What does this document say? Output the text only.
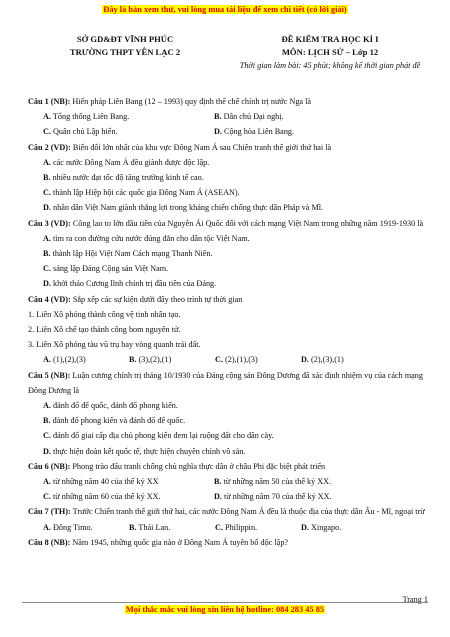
Đây là bản xem thử, vui lòng mua tài liệu để xem chi tiết (có lời giải)
SỞ GD&ĐT VĨNH PHÚC
TRƯỜNG THPT YÊN LẠC 2
ĐỀ KIỂM TRA HỌC KÌ I
MÔN: LỊCH SỬ – Lớp 12
Thời gian làm bài: 45 phút; không kể thời gian phát đề
Câu 1 (NB): Hiến pháp Liên Bang (12 – 1993) quy định thể chế chính trị nước Nga là
A. Tổng thống Liên Bang.	B. Dân chủ Đại nghị.
C. Quân chủ Lập hiến.	D. Cộng hòa Liên Bang.
Câu 2 (VD): Biến đổi lớn nhất của khu vực Đông Nam Á sau Chiến tranh thế giới thứ hai là
A. các nước Đông Nam Á đều giành được độc lập.
B. nhiều nước đạt tốc độ tăng trưởng kinh tế cao.
C. thành lập Hiệp hội các quốc gia Đông Nam Á (ASEAN).
D. nhân dân Việt Nam giành thắng lợi trong kháng chiến chống thực dân Pháp và Mĩ.
Câu 3 (VD): Công lao to lớn đầu tiên của Nguyễn Ái Quốc đối với cách mạng Việt Nam trong những năm 1919-1930 là
A. tìm ra con đường cứu nước đúng đắn cho dân tộc Việt Nam.
B. thành lập Hội Việt Nam Cách mạng Thanh Niên.
C. sáng lập Đảng Cộng sản Việt Nam.
D. khởi thảo Cương lĩnh chính trị đầu tiên của Đảng.
Câu 4 (VD): Sắp xếp các sự kiện dưới đây theo trình tự thời gian
1. Liên Xô phóng thành công vệ tinh nhân tạo.
2. Liên Xô chế tạo thành công bom nguyên tử.
3. Liên Xô phóng tàu vũ trụ bay vòng quanh trái đất.
A. (1),(2),(3)	B. (3),(2),(1)	C. (2),(1),(3)	D. (2),(3),(1)
Câu 5 (NB): Luận cương chính trị tháng 10/1930 của Đảng cộng sản Đông Dương đã xác định nhiệm vụ của cách mạng Đông Dương là
A. đánh đổ đế quốc, đánh đổ phong kiến.
B. đánh đổ phong kiến và đánh đổ đế quốc.
C. đánh đổ giai cấp địa chủ phong kiến đem lại ruộng đất cho dân cày.
D. thực hiện đoàn kết quốc tế, thực hiện chuyên chính vô sản.
Câu 6 (NB): Phong trào đấu tranh chống chủ nghĩa thực dân ở châu Phi đặc biệt phát triển
A. từ những năm 40 của thế kỷ XX	B. từ những năm 50 của thế kỷ XX.
C. từ những năm 60 của thế kỷ XX.	D. từ những năm 70 của thế kỷ XX.
Câu 7 (TH): Trước Chiến tranh thế giới thứ hai, các nước Đông Nam Á đều là thuộc địa của thực dân Âu - Mĩ, ngoại trừ
A. Đông Timo.	B. Thái Lan.	C. Philippin.	D. Xingapo.
Câu 8 (NB): Năm 1945, những quốc gia nào ở Đông Nam Á tuyên bố độc lập?
Trang 1
Mọi thắc mắc vui lòng xin liên hệ hotline: 084 283 45 85
